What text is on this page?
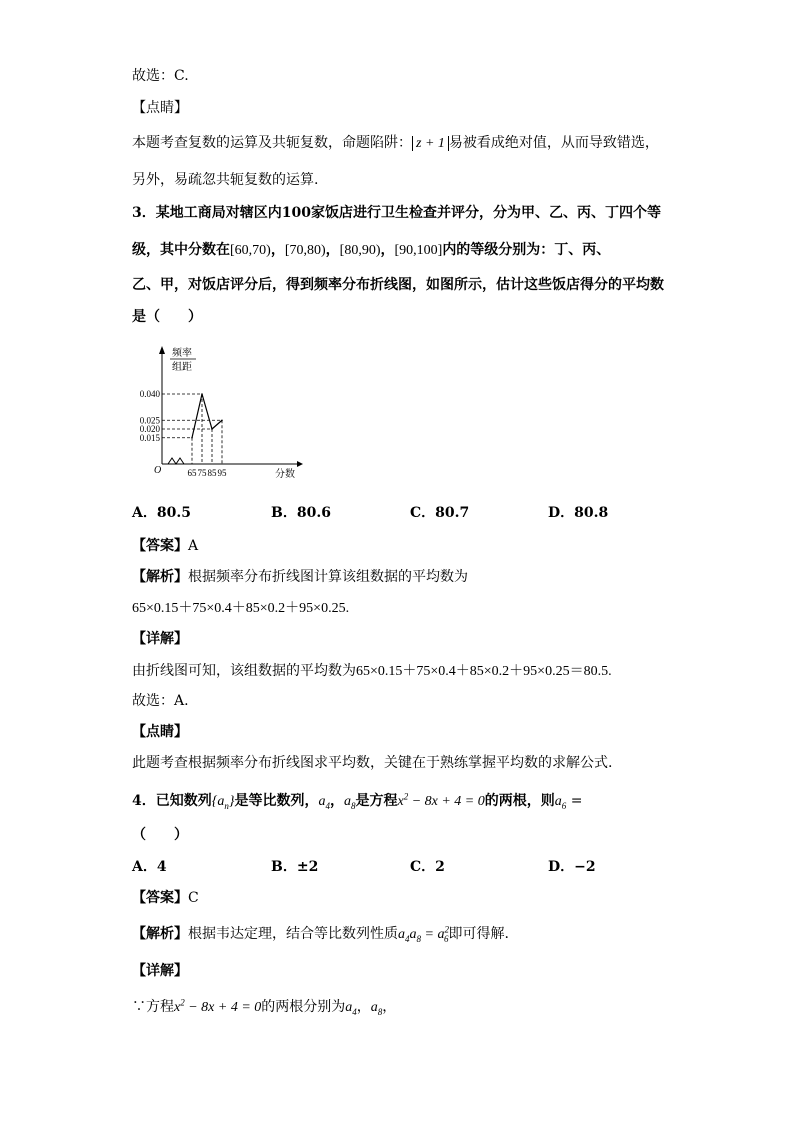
故选：C.
【点睛】
本题考查复数的运算及共轭复数，命题陷阱： z + 1 易被看成绝对值，从而导致错选，
另外，易疏忽共轭复数的运算.
3．某地工商局对辖区内100家饭店进行卫生检查并评分，分为甲、乙、丙、丁四个等
级，其中分数在[60,70)，[70,80)，[80,90)，[90,100]内的等级分别为：丁、丙、
乙、甲，对饭店评分后，得到频率分布折线图，如图所示，估计这些饭店得分的平均数
是（　　）
频率
组距
分数
O
0.040
0.025
0.020
0.015
65 75 85 95
A．80.5	B．80.6	C．80.7	D．80.8
【答案】A
【解析】根据频率分布折线图计算该组数据的平均数为
65×0.15＋75×0.4＋85×0.2＋95×0.25.
【详解】
由折线图可知，该组数据的平均数为65×0.15＋75×0.4＋85×0.2＋95×0.25＝80.5.
故选：A.
【点睛】
此题考查根据频率分布折线图求平均数，关键在于熟练掌握平均数的求解公式.
4．已知数列$\{a_n\}$是等比数列，$a_4$，$a_8$是方程$x^2 - 8x + 4 = 0$的两根，则$a_6$ =
（　　）
A．4	B．±2	C．2	D．−2
【答案】C
【解析】根据韦达定理，结合等比数列性质$a_4a_8 = a^2_6$即可得解.
【详解】
∵方程$x^2 - 8x + 4 = 0$的两根分别为$a_4$，$a_8$，
